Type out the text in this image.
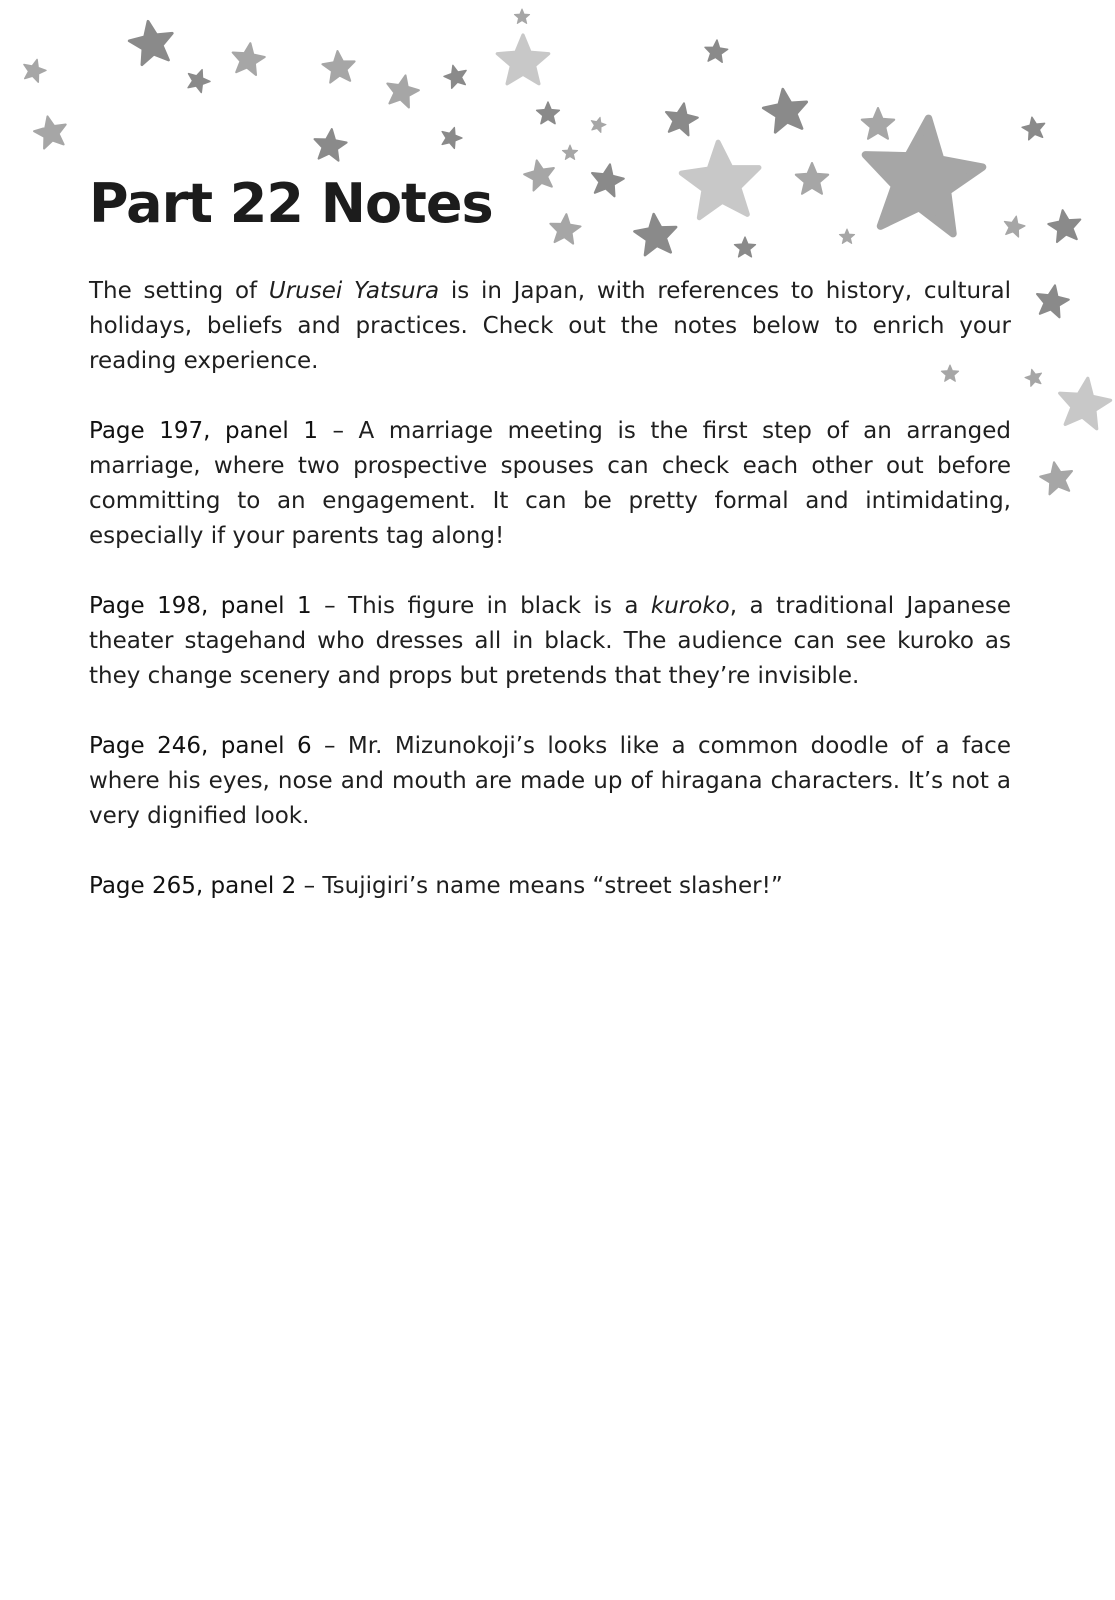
Part 22 Notes

The setting of Urusei Yatsura is in Japan, with references to history, cultural holidays, beliefs and practices. Check out the notes below to enrich your reading experience.

Page 197, panel 1 – A marriage meeting is the first step of an arranged marriage, where two prospective spouses can check each other out before committing to an engagement. It can be pretty formal and intimidating, especially if your parents tag along!

Page 198, panel 1 – This figure in black is a kuroko, a traditional Japanese theater stagehand who dresses all in black. The audience can see kuroko as they change scenery and props but pretends that they’re invisible.

Page 246, panel 6 – Mr. Mizunokoji’s looks like a common doodle of a face where his eyes, nose and mouth are made up of hiragana characters. It’s not a very dignified look.

Page 265, panel 2 – Tsujigiri’s name means “street slasher!”
